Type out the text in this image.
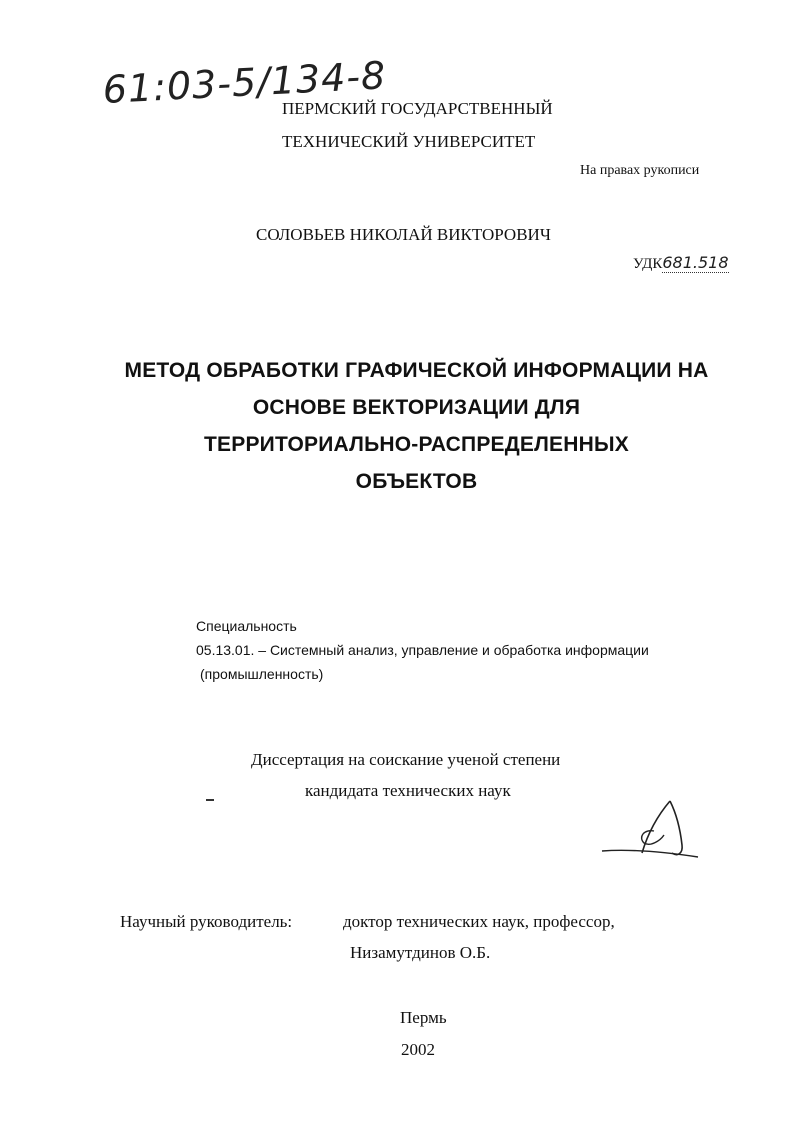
61:03-5/134-8
ПЕРМСКИЙ ГОСУДАРСТВЕННЫЙ
ТЕХНИЧЕСКИЙ УНИВЕРСИТЕТ
На правах рукописи
СОЛОВЬЕВ НИКОЛАЙ ВИКТОРОВИЧ
УДК681.518
МЕТОД ОБРАБОТКИ ГРАФИЧЕСКОЙ ИНФОРМАЦИИ НА
ОСНОВЕ ВЕКТОРИЗАЦИИ ДЛЯ
ТЕРРИТОРИАЛЬНО-РАСПРЕДЕЛЕННЫХ
ОБЪЕКТОВ
Специальность
05.13.01. – Системный анализ, управление и обработка информации
(промышленность)
Диссертация на соискание ученой степени
кандидата технических наук
Научный руководитель:	доктор технических наук, профессор,
Низамутдинов О.Б.
Пермь
2002
